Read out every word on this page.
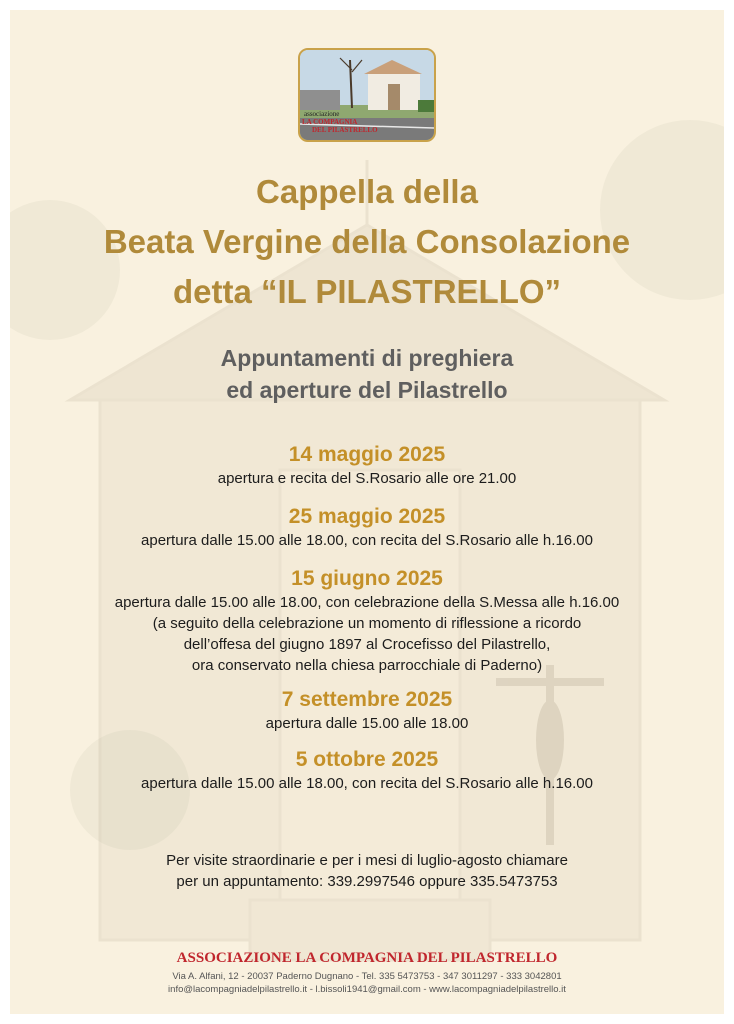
associazione
LA COMPAGNIA
DEL PILASTRELLO
Cappella della
Beata Vergine della Consolazione
detta “IL PILASTRELLO”
Appuntamenti di preghiera
ed aperture del Pilastrello
14 maggio 2025
apertura e recita del S.Rosario alle ore 21.00
25 maggio 2025
apertura dalle 15.00 alle 18.00, con recita del S.Rosario alle h.16.00
15 giugno 2025
apertura dalle 15.00 alle 18.00, con celebrazione della S.Messa alle h.16.00
(a seguito della celebrazione un momento di riflessione a ricordo
dell’offesa del giugno 1897 al Crocefisso del Pilastrello,
ora conservato nella chiesa parrocchiale di Paderno)
7 settembre 2025
apertura dalle 15.00 alle 18.00
5 ottobre 2025
apertura dalle 15.00 alle 18.00, con recita del S.Rosario alle h.16.00
Per visite straordinarie e per i mesi di luglio-agosto chiamare
per un appuntamento: 339.2997546 oppure 335.5473753
ASSOCIAZIONE LA COMPAGNIA DEL PILASTRELLO
Via A. Alfani, 12 - 20037 Paderno Dugnano - Tel. 335 5473753 - 347 3011297 - 333 3042801
info@lacompagniadelpilastrello.it - l.bissoli1941@gmail.com - www.lacompagniadelpilastrello.it
